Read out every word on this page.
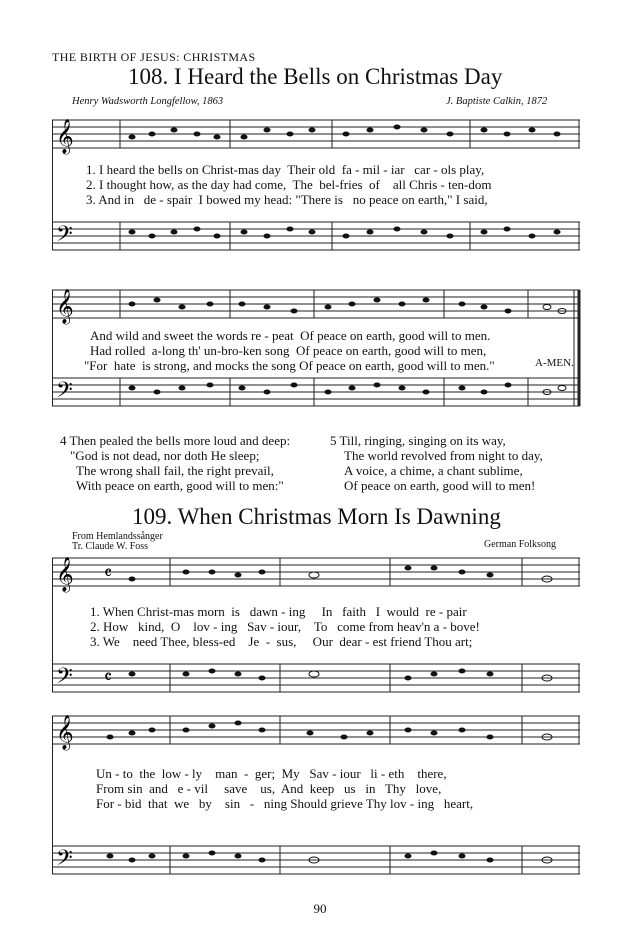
THE BIRTH OF JESUS: CHRISTMAS
108. I Heard the Bells on Christmas Day
Henry Wadsworth Longfellow, 1863	J. Baptiste Calkin, 1872
𝄞
𝄢
1. I heard the bells on Christ-mas day  Their old  fa - mil - iar   car - ols play,
2. I thought how, as the day had come,  The  bel-fries  of    all Chris - ten-dom
3. And in   de - spair  I bowed my head: "There is   no peace on earth," I said,
𝄞
𝄢
And wild and sweet the words re - peat  Of peace on earth, good will to men.
Had rolled  a-long th' un-bro-ken song  Of peace on earth, good will to men,
"For  hate  is strong, and mocks the song Of peace on earth, good will to men."	A-MEN.
4 Then pealed the bells more loud and deep:
"God is not dead, nor doth He sleep;
The wrong shall fail, the right prevail,
With peace on earth, good will to men:"
5 Till, ringing, singing on its way,
The world revolved from night to day,
A voice, a chime, a chant sublime,
Of peace on earth, good will to men!
109. When Christmas Morn Is Dawning
From Hemlandssånger
Tr. Claude W. Foss	German Folksong
𝄞
𝄢
𝄴
𝄴
1. When Christ-mas morn  is   dawn - ing     In   faith   I  would  re - pair
2. How   kind,  O    lov - ing   Sav - iour,    To   come from heav'n a - bove!
3. We    need Thee, bless-ed    Je  -  sus,     Our  dear - est friend Thou art;
𝄞
𝄢
Un - to  the  low - ly    man  -  ger;  My   Sav - iour   li - eth    there,
From sin  and   e - vil     save    us,  And  keep   us   in   Thy   love,
For - bid  that  we   by    sin   -   ning Should grieve Thy lov - ing   heart,
90
